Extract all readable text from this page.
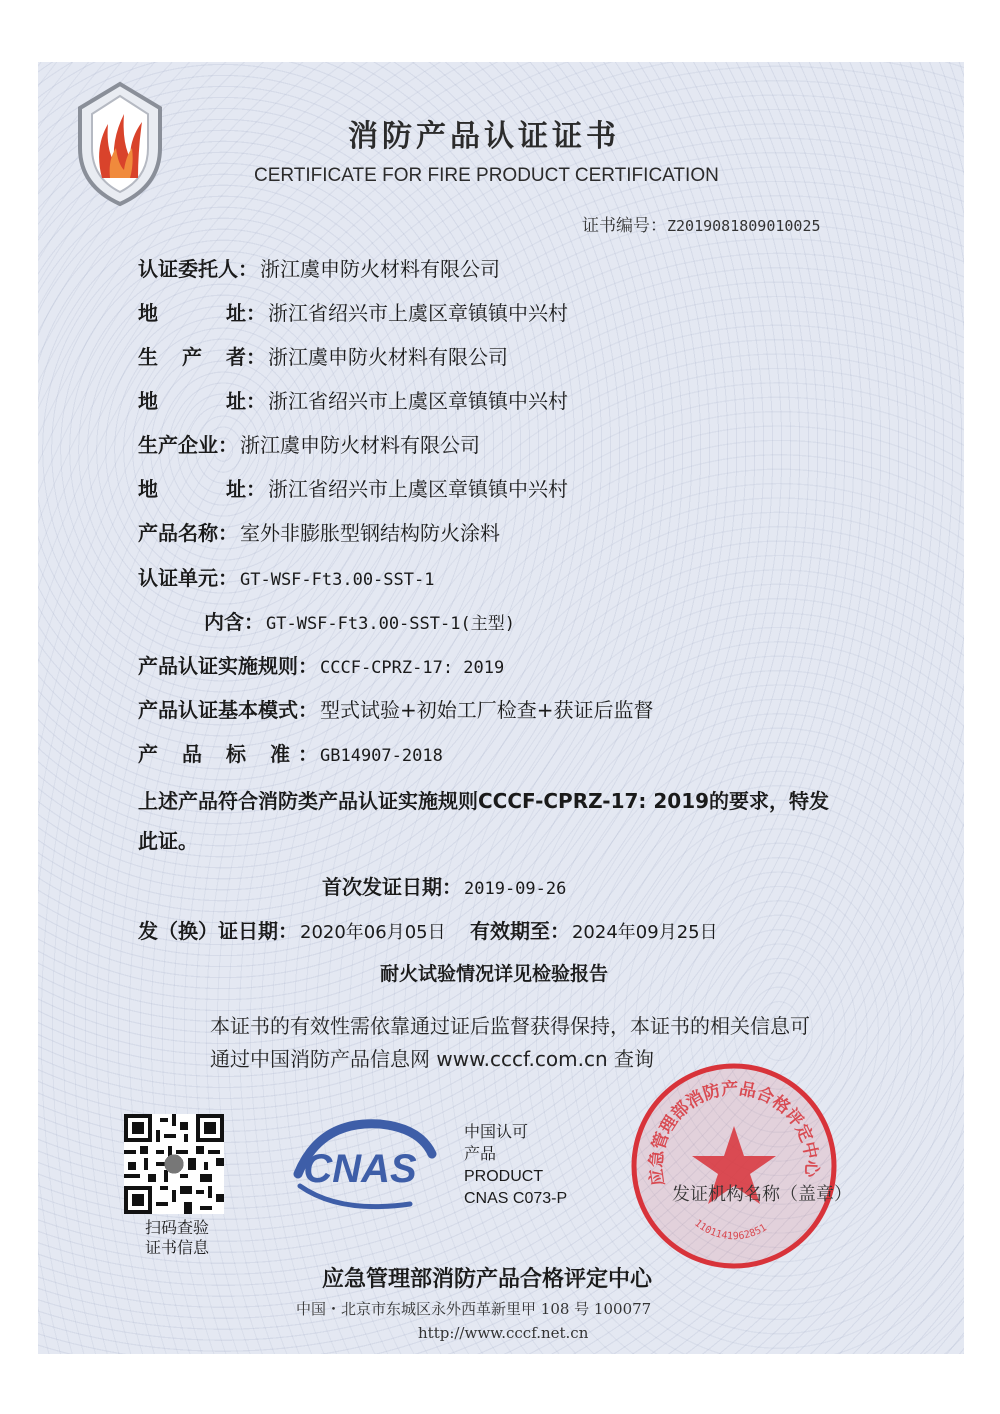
消防产品认证证书
CERTIFICATE FOR FIRE PRODUCT CERTIFICATION
证书编号：Z2019081809010025
认证委托人： 浙江虞申防火材料有限公司
地	址： 浙江省绍兴市上虞区章镇镇中兴村
生 产 者： 浙江虞申防火材料有限公司
地	址： 浙江省绍兴市上虞区章镇镇中兴村
生产企业： 浙江虞申防火材料有限公司
地	址： 浙江省绍兴市上虞区章镇镇中兴村
产品名称： 室外非膨胀型钢结构防火涂料
认证单元： GT-WSF-Ft3.00-SST-1
内含： GT-WSF-Ft3.00-SST-1(主型)
产品认证实施规则： CCCF-CPRZ-17: 2019
产品认证基本模式： 型式试验+初始工厂检查+获证后监督
产 品 标 准 ： GB14907-2018
上述产品符合消防类产品认证实施规则CCCF-CPRZ-17: 2019的要求，特发此证。
首次发证日期： 2019-09-26
发（换）证日期： 2020年06月05日 有效期至： 2024年09月25日
耐火试验情况详见检验报告
本证书的有效性需依靠通过证后监督获得保持，本证书的相关信息可通过中国消防产品信息网 www.cccf.com.cn 查询
扫码查验证书信息
CNAS
中国认可
产品
PRODUCT
CNAS C073-P
应急管理部消防产品合格评定中心
1101141962851
发证机构名称（盖章）
应急管理部消防产品合格评定中心
中国・北京市东城区永外西革新里甲 108 号 100077
http://www.cccf.net.cn
